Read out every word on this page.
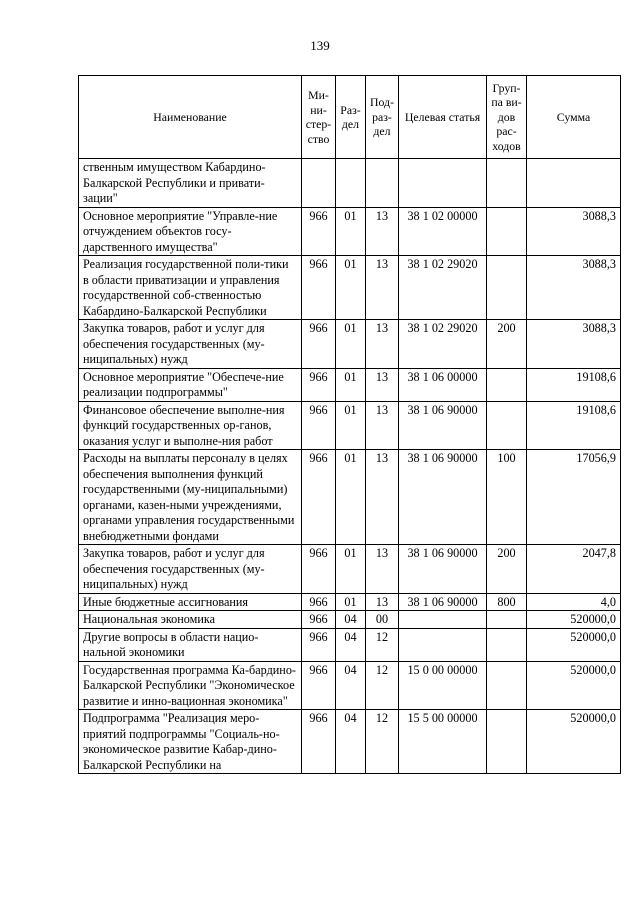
139
Наименование	Ми-ни-стер-ство	Раз-дел	Под-раз-дел	Целевая статья	Груп-па ви-дов рас-ходов	Сумма
ственным имуществом Кабардино-Балкарской Республики и привати-зации"						
Основное мероприятие "Управле-ние отчуждением объектов госу-дарственного имущества"	966	01	13	38 1 02 00000		3088,3
Реализация государственной поли-тики в области приватизации и управления государственной соб-ственностью Кабардино-Балкарской Республики	966	01	13	38 1 02 29020		3088,3
Закупка товаров, работ и услуг для обеспечения государственных (му-ниципальных) нужд	966	01	13	38 1 02 29020	200	3088,3
Основное мероприятие "Обеспече-ние реализации подпрограммы"	966	01	13	38 1 06 00000		19108,6
Финансовое обеспечение выполне-ния функций государственных ор-ганов, оказания услуг и выполне-ния работ	966	01	13	38 1 06 90000		19108,6
Расходы на выплаты персоналу в целях обеспечения выполнения функций государственными (му-ниципальными) органами, казен-ными учреждениями, органами управления государственными внебюджетными фондами	966	01	13	38 1 06 90000	100	17056,9
Закупка товаров, работ и услуг для обеспечения государственных (му-ниципальных) нужд	966	01	13	38 1 06 90000	200	2047,8
Иные бюджетные ассигнования	966	01	13	38 1 06 90000	800	4,0
Национальная экономика	966	04	00			520000,0
Другие вопросы в области нацио-нальной экономики	966	04	12			520000,0
Государственная программа Ка-бардино-Балкарской Республики "Экономическое развитие и инно-вационная экономика"	966	04	12	15 0 00 00000		520000,0
Подпрограмма "Реализация меро-приятий подпрограммы "Социаль-но-экономическое развитие Кабар-дино-Балкарской Республики на	966	04	12	15 5 00 00000		520000,0
